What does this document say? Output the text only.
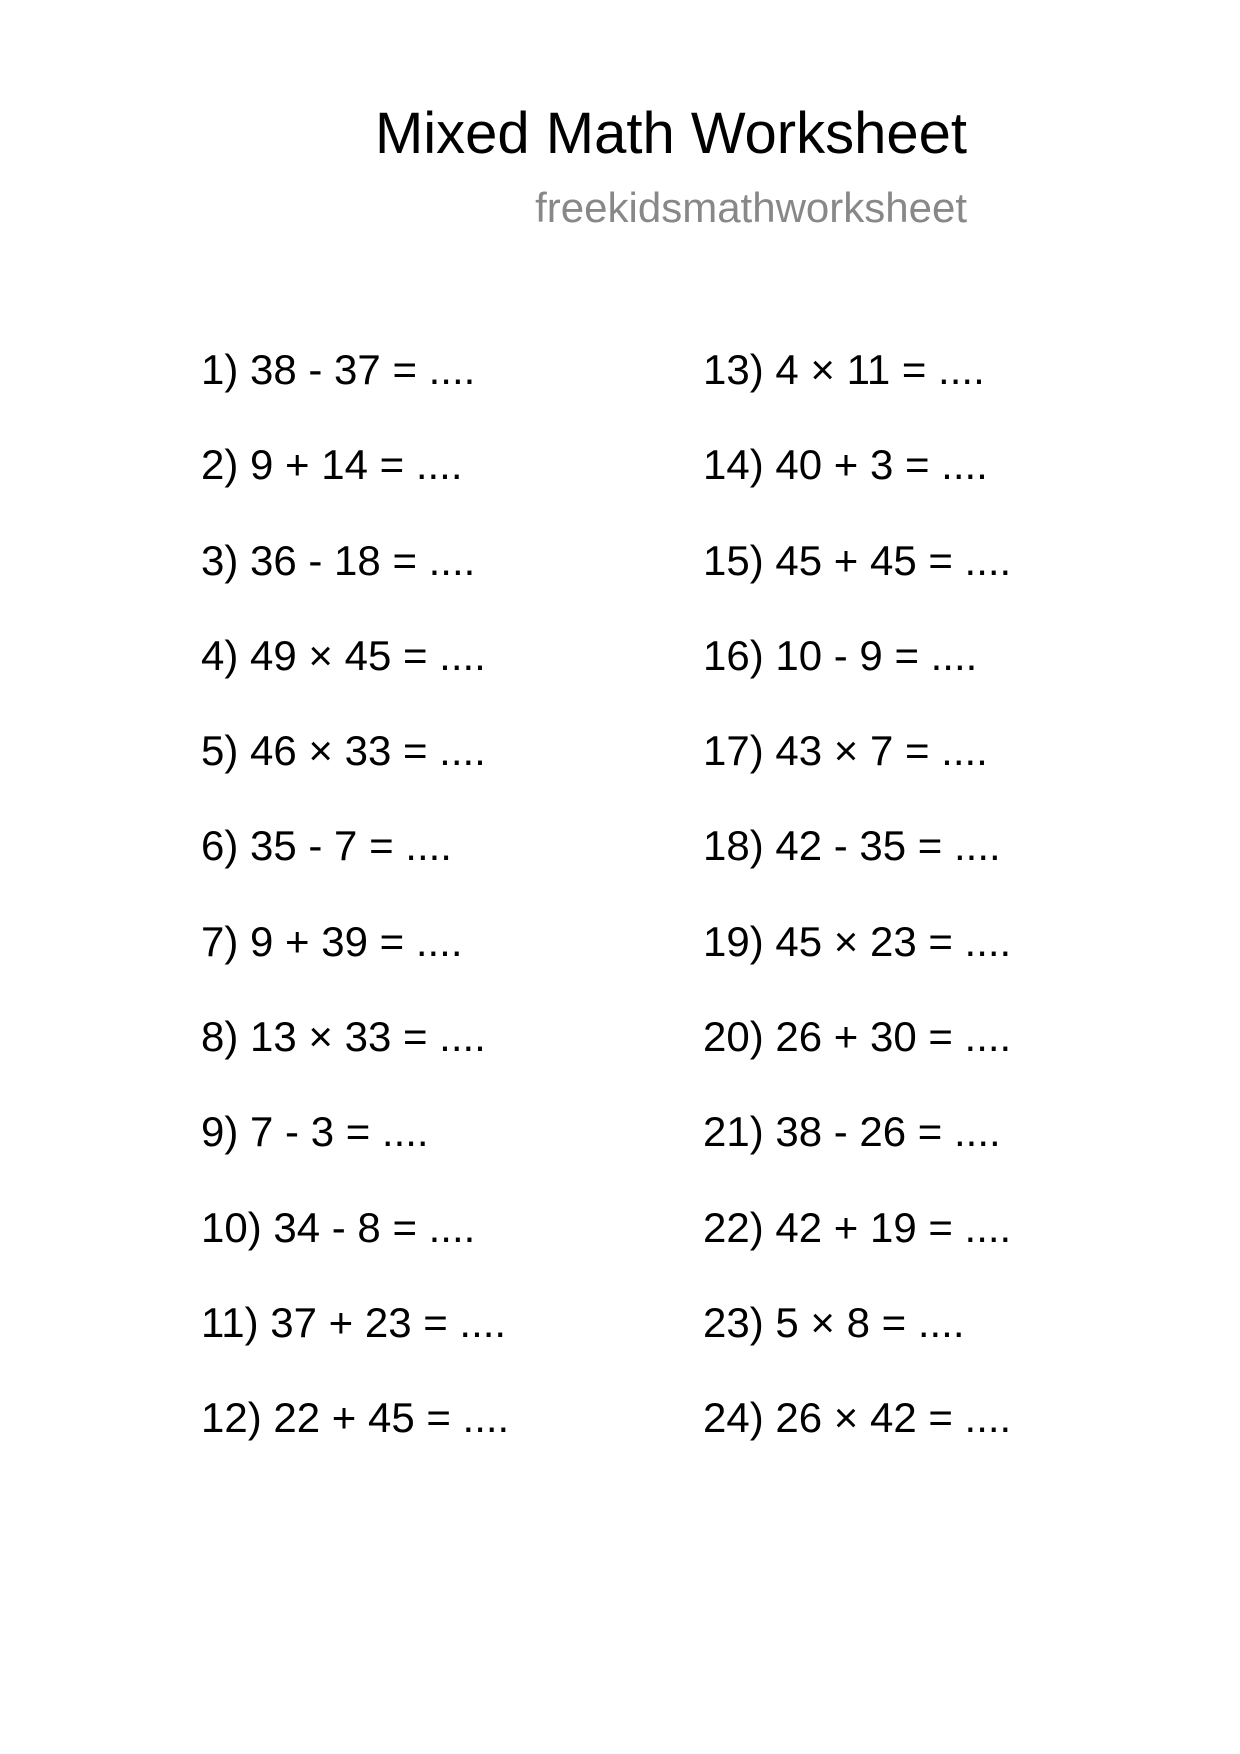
Mixed Math Worksheet
freekidsmathworksheet
1) 38 - 37 = ....
2) 9 + 14 = ....
3) 36 - 18 = ....
4) 49 × 45 = ....
5) 46 × 33 = ....
6) 35 - 7 = ....
7) 9 + 39 = ....
8) 13 × 33 = ....
9) 7 - 3 = ....
10) 34 - 8 = ....
11) 37 + 23 = ....
12) 22 + 45 = ....
13) 4 × 11 = ....
14) 40 + 3 = ....
15) 45 + 45 = ....
16) 10 - 9 = ....
17) 43 × 7 = ....
18) 42 - 35 = ....
19) 45 × 23 = ....
20) 26 + 30 = ....
21) 38 - 26 = ....
22) 42 + 19 = ....
23) 5 × 8 = ....
24) 26 × 42 = ....
